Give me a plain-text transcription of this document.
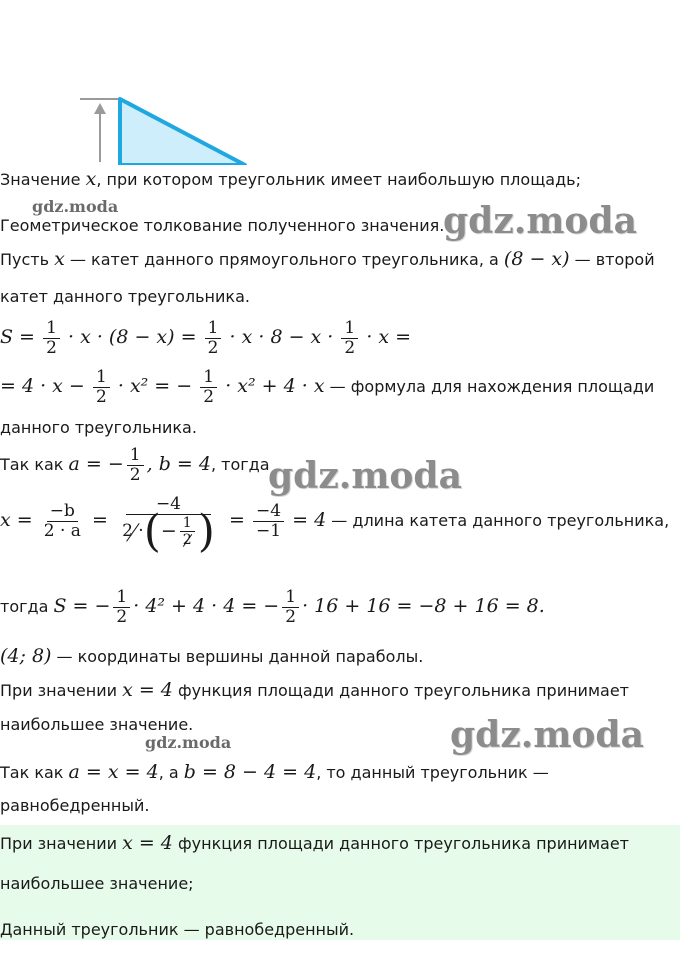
gdz.moda	gdz.moda
gdz.moda
gdz.moda
gdz.moda
Значение x, при котором треугольник имеет наибольшую площадь;
Геометрическое толкование полученного значения.
Пусть x — катет данного прямоугольного треугольника, а (8 − x) — второй
катет данного треугольника.
$S = \frac{1}{2} \cdot x \cdot (8 - x) = \frac{1}{2} \cdot x \cdot 8 - x \cdot \frac{1}{2} \cdot x$ =
= $4 \cdot x - \frac{1}{2} \cdot x^2$ = − $\frac{1}{2} \cdot x^2 + 4 \cdot x$ — формула для нахождения площади
данного треугольника.
Так как a = − $\frac{1}{2}$ , b = 4, тогда
$x = \frac{-b}{2 \cdot a} = \frac{-4}{2 \cdot ( - \frac{1}{2} )} = \frac{-4}{-1} = 4$ — длина катета данного треугольника,
тогда S = − $\frac{1}{2} \cdot 4^2 + 4 \cdot 4$ = − $\frac{1}{2} \cdot 16 + 16 = -8 + 16 = 8$.
(4; 8) — координаты вершины данной параболы.
При значении x = 4 функция площади данного треугольника принимает
наибольшее значение.
Так как a = x = 4, а b = 8 − 4 = 4, то данный треугольник —
равнобедренный.
При значении x = 4 функция площади данного треугольника принимает
наибольшее значение;
Данный треугольник — равнобедренный.
